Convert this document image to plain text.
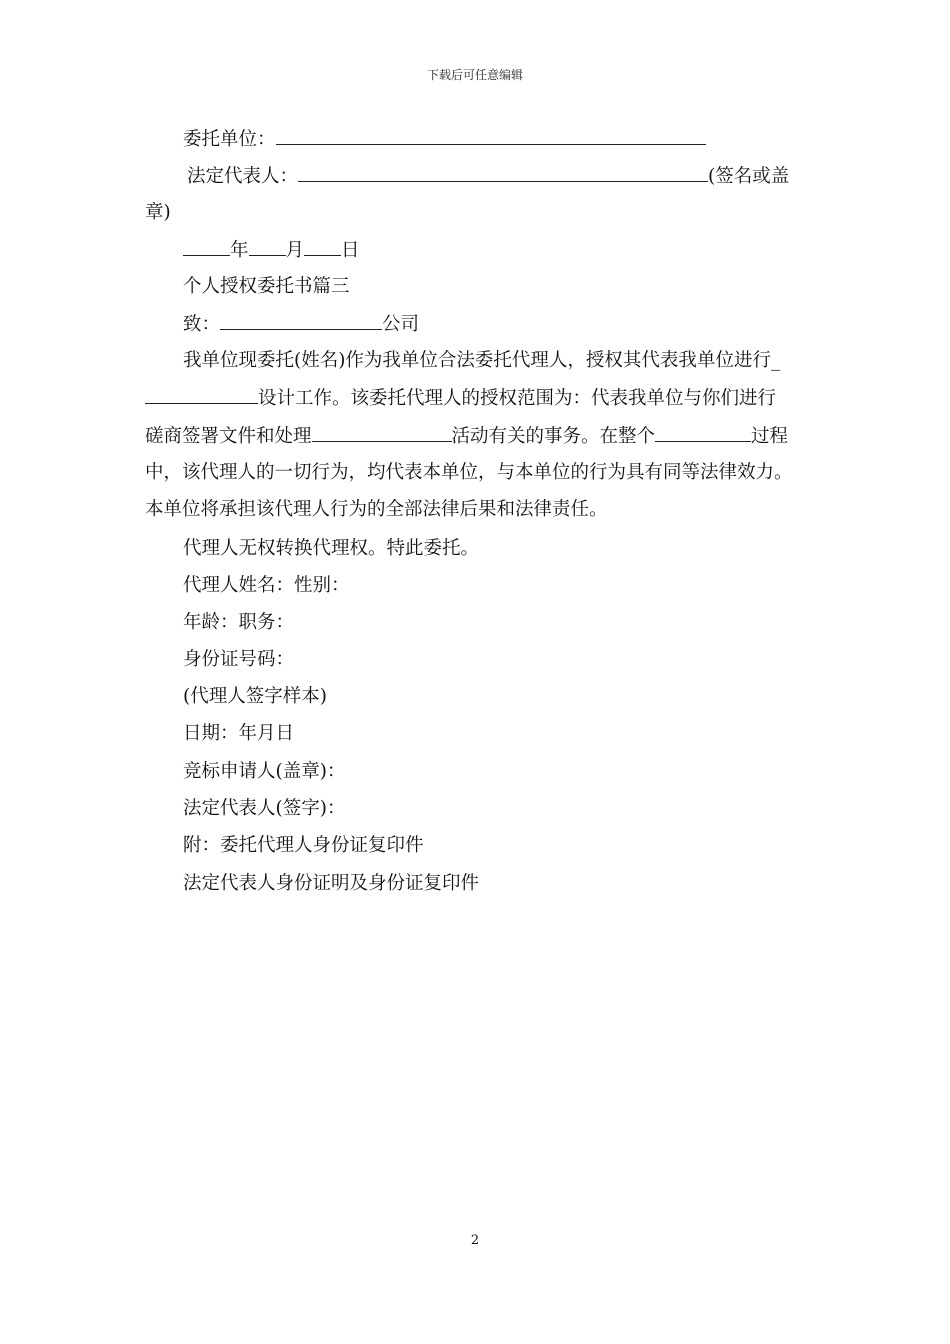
下载后可任意编辑
委托单位：
法定代表人：	(签名或盖
章)
年 月 日
个人授权委托书篇三
致：	公司
我单位现委托(姓名)作为我单位合法委托代理人，授权其代表我单位进行_
设计工作。该委托代理人的授权范围为：代表我单位与你们进行
磋商签署文件和处理	活动有关的事务。在整个	过程
中，该代理人的一切行为，均代表本单位，与本单位的行为具有同等法律效力。
本单位将承担该代理人行为的全部法律后果和法律责任。
代理人无权转换代理权。特此委托。
代理人姓名：性别：
年龄：职务：
身份证号码：
(代理人签字样本)
日期：年月日
竞标申请人(盖章)：
法定代表人(签字)：
附：委托代理人身份证复印件
法定代表人身份证明及身份证复印件
2
